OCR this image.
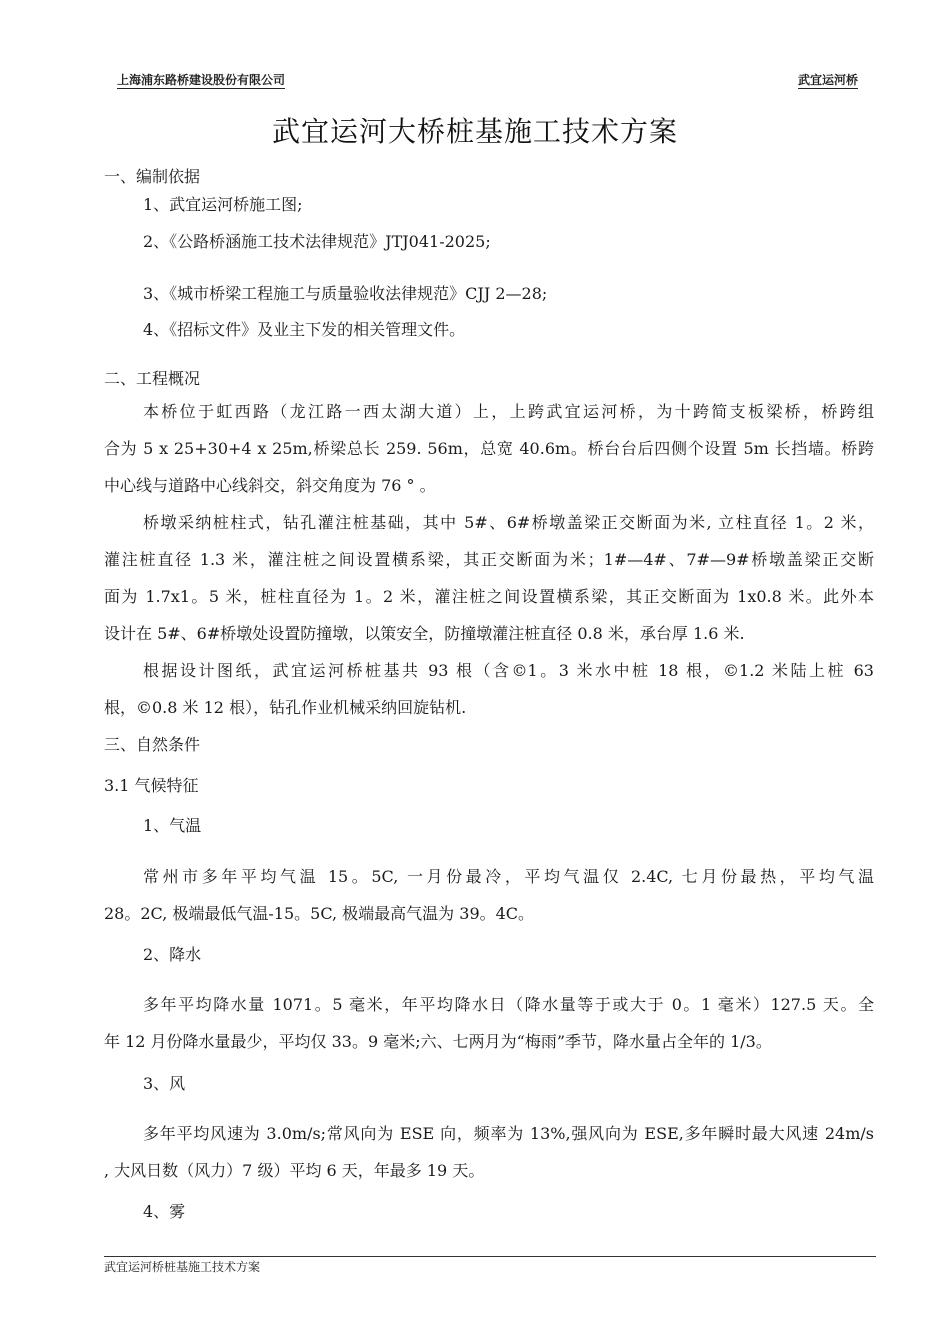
上海浦东路桥建设股份有限公司	武宜运河桥
武宜运河大桥桩基施工技术方案
一、编制依据
1、武宜运河桥施工图;
2、《公路桥涵施工技术法律规范》JTJ041-2025;
3、《城市桥梁工程施工与质量验收法律规范》CJJ 2—28;
4、《招标文件》及业主下发的相关管理文件。
二、工程概况
本桥位于虹西路（龙江路一西太湖大道）上，上跨武宜运河桥，为十跨简支板梁桥，桥跨组
合为 5 x 25+30+4 x 25m,桥梁总长 259. 56m，总宽 40.6m。桥台台后四侧个设置 5m 长挡墙。桥跨
中心线与道路中心线斜交，斜交角度为 76 ° 。
桥墩采纳桩柱式，钻孔灌注桩基础，其中 5#、6#桥墩盖梁正交断面为米, 立柱直径 1。2 米，
灌注桩直径 1.3 米，灌注桩之间设置横系梁，其正交断面为米；1#—4#、7#—9#桥墩盖梁正交断
面为 1.7x1。5 米，桩柱直径为 1。2 米，灌注桩之间设置横系梁，其正交断面为 1x0.8 米。此外本
设计在 5#、6#桥墩处设置防撞墩，以策安全，防撞墩灌注桩直径 0.8 米，承台厚 1.6 米.
根据设计图纸，武宜运河桥桩基共 93 根（含©1。3 米水中桩 18 根，©1.2 米陆上桩 63
根，©0.8 米 12 根），钻孔作业机械采纳回旋钻机.
三、自然条件
3.1 气候特征
1、气温
常州市多年平均气温 15。5C, 一月份最冷，平均气温仅 2.4C, 七月份最热，平均气温
28。2C, 极端最低气温-15。5C, 极端最高气温为 39。4C。
2、降水
多年平均降水量 1071。5 毫米，年平均降水日（降水量等于或大于 0。1 毫米）127.5 天。全
年 12 月份降水量最少，平均仅 33。9 毫米;六、七两月为“梅雨”季节，降水量占全年的 1/3。
3、风
多年平均风速为 3.0m/s;常风向为 ESE 向，频率为 13%,强风向为 ESE,多年瞬时最大风速 24m/s
, 大风日数（风力）7 级）平均 6 天，年最多 19 天。
4、雾
武宜运河桥桩基施工技术方案
